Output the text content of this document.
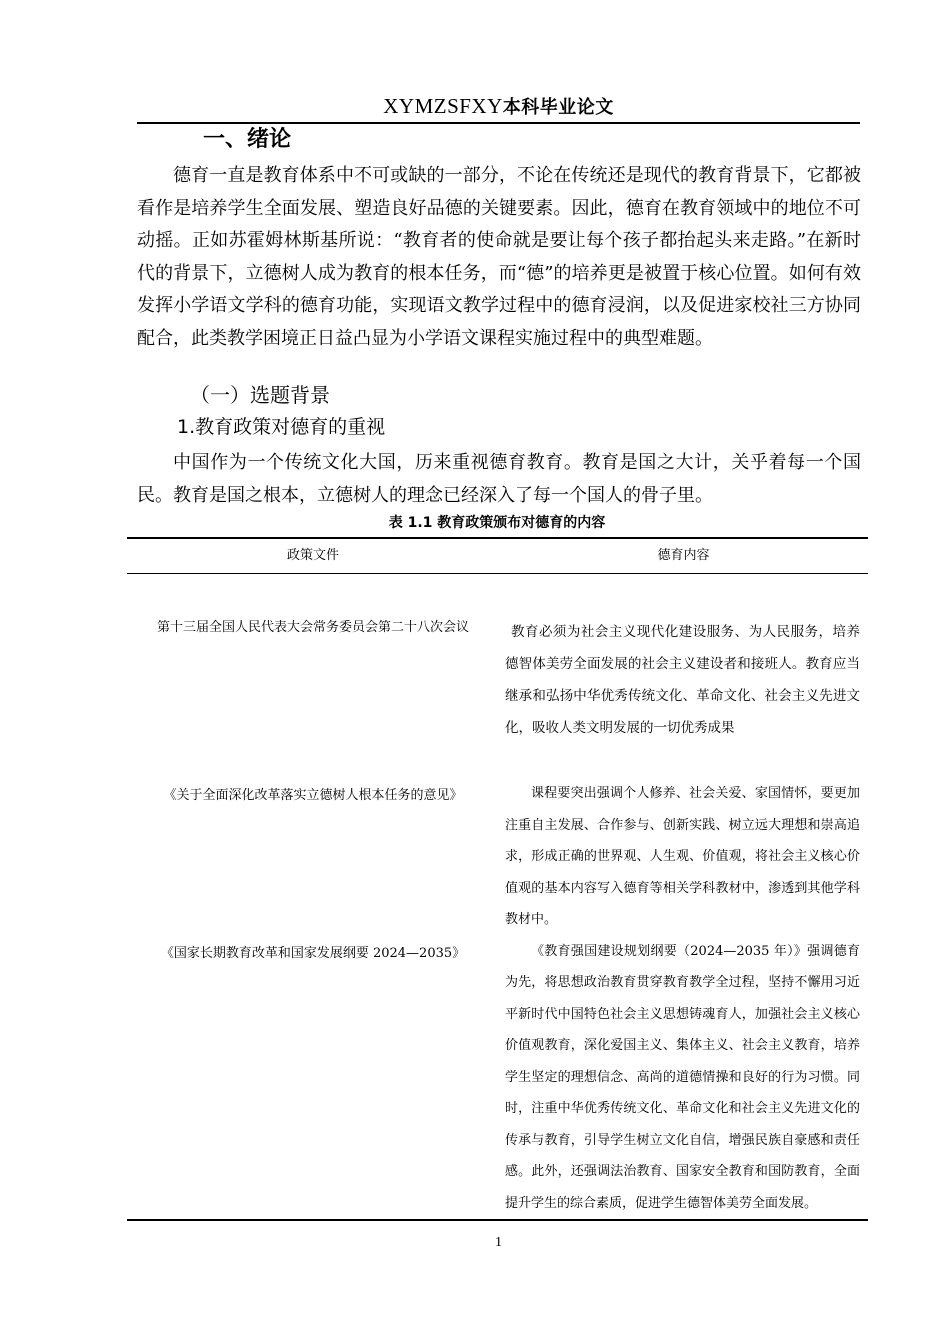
XYMZSFXY本科毕业论文
一、绪论
德育一直是教育体系中不可或缺的一部分，不论在传统还是现代的教育背景下，它都被看作是培养学生全面发展、塑造良好品德的关键要素。因此，德育在教育领域中的地位不可动摇。正如苏霍姆林斯基所说：“教育者的使命就是要让每个孩子都抬起头来走路。”在新时代的背景下，立德树人成为教育的根本任务，而“德”的培养更是被置于核心位置。如何有效发挥小学语文学科的德育功能，实现语文教学过程中的德育浸润，以及促进家校社三方协同配合，此类教学困境正日益凸显为小学语文课程实施过程中的典型难题。
（一）选题背景
1.教育政策对德育的重视
中国作为一个传统文化大国，历来重视德育教育。教育是国之大计，关乎着每一个国民。教育是国之根本，立德树人的理念已经深入了每一个国人的骨子里。
表 1.1 教育政策颁布对德育的内容
政策文件	德育内容
第十三届全国人民代表大会常务委员会第二十八次会议	教育必须为社会主义现代化建设服务、为人民服务，培养德智体美劳全面发展的社会主义建设者和接班人。教育应当继承和弘扬中华优秀传统文化、革命文化、社会主义先进文化，吸收人类文明发展的一切优秀成果
《关于全面深化改革落实立德树人根本任务的意见》	课程要突出强调个人修养、社会关爱、家国情怀，要更加注重自主发展、合作参与、创新实践、树立远大理想和崇高追求，形成正确的世界观、人生观、价值观，将社会主义核心价值观的基本内容写入德育等相关学科教材中，渗透到其他学科教材中。
《国家长期教育改革和国家发展纲要 2024—2035》	《教育强国建设规划纲要（2024—2035 年）》强调德育为先，将思想政治教育贯穿教育教学全过程，坚持不懈用习近平新时代中国特色社会主义思想铸魂育人，加强社会主义核心价值观教育，深化爱国主义、集体主义、社会主义教育，培养学生坚定的理想信念、高尚的道德情操和良好的行为习惯。同时，注重中华优秀传统文化、革命文化和社会主义先进文化的传承与教育，引导学生树立文化自信，增强民族自豪感和责任感。此外，还强调法治教育、国家安全教育和国防教育，全面提升学生的综合素质，促进学生德智体美劳全面发展。
1
